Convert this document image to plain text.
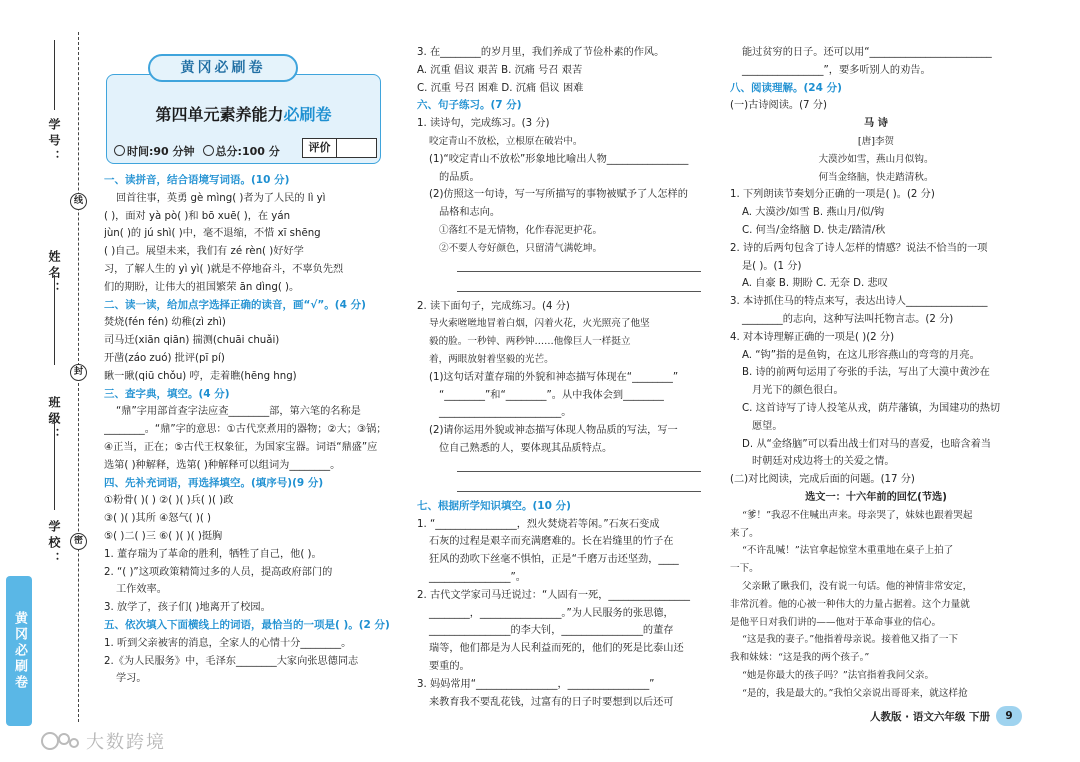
学号：
姓名：
班级：
学校：
线
封
密
黄冈必刷卷
黄冈必刷卷
第四单元素养能力必刷卷
时间:90 分钟	总分:100 分	评价
一、读拼音，结合语境写词语。(10 分)
回首往事，英勇 gè mìng( )者为了人民的 lì yì
( )，面对 yà pò( )和 bō xuē( )，在 yán
jùn( )的 jú shì( )中，毫不退缩，不惜 xī shēng
( )自己。展望未来，我们有 zé rèn( )好好学
习，了解人生的 yì yì( )就是不停地奋斗，不辜负先烈
们的期盼，让伟大的祖国繁荣 ān dìng( )。
二、读一读，给加点字选择正确的读音，画“√”。(4 分)
焚烧(fén fén) 幼稚(zì zhì)
司马迁(xiān qiān) 揣测(chuāi chuǎi)
开凿(záo zuó) 批评(pī pí)
瞅一瞅(qiū chǒu) 哼，走着瞧(hēng hng)
三、查字典，填空。(4 分)
“鼎”字用部首查字法应查________部，第六笔的名称是
________。“鼎”字的意思：①古代烹煮用的器物；②大；③锅；
④正当，正在；⑤古代王权象征，为国家宝器。词语“鼎盛”应
选第( )种解释，选第( )种解释可以组词为________。
四、先补充词语，再选择填空。(填序号)(9 分)
①粉骨( )( ) ②( )( )兵( )( )政
③( )( )其所 ④怒气( )( )
⑤( )二( )三 ⑥( )( )( )挺胸
1. 董存瑞为了革命的胜利，牺牲了自己，他( )。
2. “( )”这项政策精简过多的人员，提高政府部门的
工作效率。
3. 放学了，孩子们( )地离开了校园。
五、依次填入下面横线上的词语，最恰当的一项是( )。(2 分)
1. 听到父亲被害的消息，全家人的心情十分________。
2.《为人民服务》中，毛泽东________大家向张思德同志
学习。
3. 在________的岁月里，我们养成了节俭朴素的作风。
A. 沉重 倡议 艰苦 B. 沉痛 号召 艰苦
C. 沉重 号召 困难 D. 沉痛 倡议 困难
六、句子练习。(7 分)
1. 读诗句，完成练习。(3 分)
咬定青山不放松，立根原在破岩中。
(1)“咬定青山不放松”形象地比喻出人物________________
的品质。
(2)仿照这一句诗，写一写所描写的事物被赋予了人怎样的
品格和志向。
①落红不是无情物，化作春泥更护花。
②不要人夸好颜色，只留清气满乾坤。
2. 读下面句子，完成练习。(4 分)
导火索咝咝地冒着白烟，闪着火花，火光照亮了他坚
毅的脸。一秒钟、两秒钟……他像巨人一样挺立
着，两眼放射着坚毅的光芒。
(1)这句话对董存瑞的外貌和神态描写体现在“________”
“________”和“________”。从中我体会到________
________________________。
(2)请你运用外貌或神态描写体现人物品质的写法，写一
位自己熟悉的人，要体现其品质特点。
七、根据所学知识填空。(10 分)
1. “________________，烈火焚烧若等闲。”石灰石变成
石灰的过程是艰辛而充满磨难的。长在岩缝里的竹子在
狂风的劲吹下丝毫不惧怕，正是“千磨万击还坚劲，____
________________”。
2. 古代文学家司马迁说过：“人固有一死，________________
________，________________。”为人民服务的张思德，
________________的李大钊，________________的董存
瑞等，他们都是为人民利益而死的，他们的死是比泰山还
要重的。
3. 妈妈常用“________________，________________”
来教育我不要乱花钱，过富有的日子时要想到以后还可
能过贫穷的日子。还可以用“________________________
________________”，要多听别人的劝告。
八、阅读理解。(24 分)
(一)古诗阅读。(7 分)
马 诗
[唐]李贺
大漠沙如雪，燕山月似钩。
何当金络脑，快走踏清秋。
1. 下列朗读节奏划分正确的一项是( )。(2 分)
A. 大漠沙/如雪 B. 燕山月/似/钩
C. 何当/金络脑 D. 快走/踏清/秋
2. 诗的后两句包含了诗人怎样的情感？说法不恰当的一项
是( )。(1 分)
A. 自豪 B. 期盼 C. 无奈 D. 悲叹
3. 本诗抓住马的特点来写，表达出诗人________________
________的志向，这种写法叫托物言志。(2 分)
4. 对本诗理解正确的一项是( )(2 分)
A. “钩”指的是鱼钩，在这儿形容燕山的弯弯的月亮。
B. 诗的前两句运用了夸张的手法，写出了大漠中黄沙在
月光下的颜色很白。
C. 这首诗写了诗人投笔从戎，荫芹藩镇，为国建功的热切
愿望。
D. 从“金络脑”可以看出战士们对马的喜爱，也暗含着当
时朝廷对戍边将士的关爱之情。
(二)对比阅读，完成后面的问题。(17 分)
选文一：十六年前的回忆(节选)
“爹！”我忍不住喊出声来。母亲哭了，妹妹也跟着哭起
来了。
“不许乱喊！”法官拿起惊堂木重重地在桌子上拍了
一下。
父亲瞅了瞅我们，没有说一句话。他的神情非常安定，
非常沉着。他的心被一种伟大的力量占据着。这个力量就
是他平日对我们讲的——他对于革命事业的信心。
“这是我的妻子。”他指着母亲说。接着他又指了一下
我和妹妹：“这是我的两个孩子。”
“她是你最大的孩子吗？”法官指着我问父亲。
“是的，我是最大的。”我怕父亲说出哥哥来，就这样抢
人教版 · 语文六年级 下册	9
大数跨境
